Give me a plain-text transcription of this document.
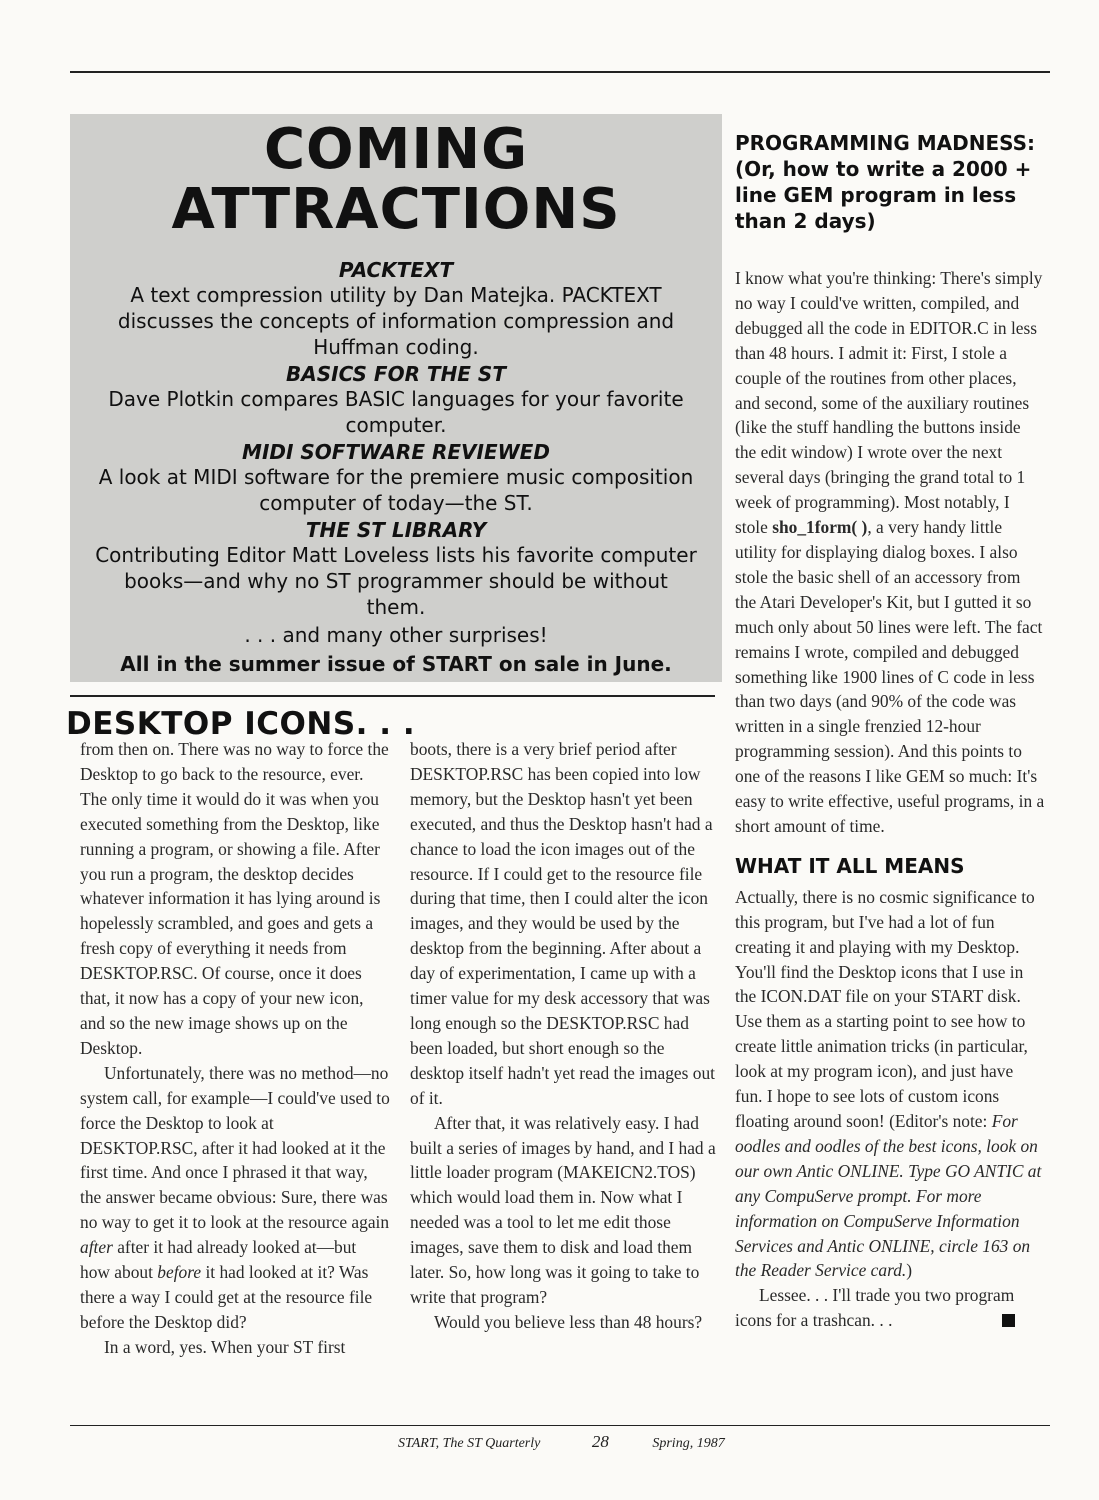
COMING
ATTRACTIONS
PACKTEXT
A text compression utility by Dan Matejka. PACKTEXT discusses the concepts of information compression and Huffman coding.
BASICS FOR THE ST
Dave Plotkin compares BASIC languages for your favorite computer.
MIDI SOFTWARE REVIEWED
A look at MIDI software for the premiere music composition computer of today—the ST.
THE ST LIBRARY
Contributing Editor Matt Loveless lists his favorite computer books—and why no ST programmer should be without them.
. . . and many other surprises!
All in the summer issue of START on sale in June.
DESKTOP ICONS. . .

from then on. There was no way to force the Desktop to go back to the resource, ever. The only time it would do it was when you executed something from the Desktop, like running a program, or showing a file. After you run a program, the desktop decides whatever information it has lying around is hopelessly scrambled, and goes and gets a fresh copy of everything it needs from DESKTOP.RSC. Of course, once it does that, it now has a copy of your new icon, and so the new image shows up on the Desktop.

Unfortunately, there was no method—no system call, for example—I could've used to force the Desktop to look at DESKTOP.RSC, after it had looked at it the first time. And once I phrased it that way, the answer became obvious: Sure, there was no way to get it to look at the resource again after after it had already looked at—but how about before it had looked at it? Was there a way I could get at the resource file before the Desktop did?

In a word, yes. When your ST first

boots, there is a very brief period after DESKTOP.RSC has been copied into low memory, but the Desktop hasn't yet been executed, and thus the Desktop hasn't had a chance to load the icon images out of the resource. If I could get to the resource file during that time, then I could alter the icon images, and they would be used by the desktop from the beginning. After about a day of experimentation, I came up with a timer value for my desk accessory that was long enough so the DESKTOP.RSC had been loaded, but short enough so the desktop itself hadn't yet read the images out of it.

After that, it was relatively easy. I had built a series of images by hand, and I had a little loader program (MAKEICN2.TOS) which would load them in. Now what I needed was a tool to let me edit those images, save them to disk and load them later. So, how long was it going to take to write that program?

Would you believe less than 48 hours?

PROGRAMMING MADNESS: (Or, how to write a 2000 + line GEM program in less than 2 days)

I know what you're thinking: There's simply no way I could've written, compiled, and debugged all the code in EDITOR.C in less than 48 hours. I admit it: First, I stole a couple of the routines from other places, and second, some of the auxiliary routines (like the stuff handling the buttons inside the edit window) I wrote over the next several days (bringing the grand total to 1 week of programming). Most notably, I stole sho_1form( ), a very handy little utility for displaying dialog boxes. I also stole the basic shell of an accessory from the Atari Developer's Kit, but I gutted it so much only about 50 lines were left. The fact remains I wrote, compiled and debugged something like 1900 lines of C code in less than two days (and 90% of the code was written in a single frenzied 12-hour programming session). And this points to one of the reasons I like GEM so much: It's easy to write effective, useful programs, in a short amount of time.

WHAT IT ALL MEANS

Actually, there is no cosmic significance to this program, but I've had a lot of fun creating it and playing with my Desktop. You'll find the Desktop icons that I use in the ICON.DAT file on your START disk. Use them as a starting point to see how to create little animation tricks (in particular, look at my program icon), and just have fun. I hope to see lots of custom icons floating around soon! (Editor's note: For oodles and oodles of the best icons, look on our own Antic ONLINE. Type GO ANTIC at any CompuServe prompt. For more information on CompuServe Information Services and Antic ONLINE, circle 163 on the Reader Service card.)

Lessee. . . I'll trade you two program icons for a trashcan. . .

START, The ST Quarterly	28	Spring, 1987
